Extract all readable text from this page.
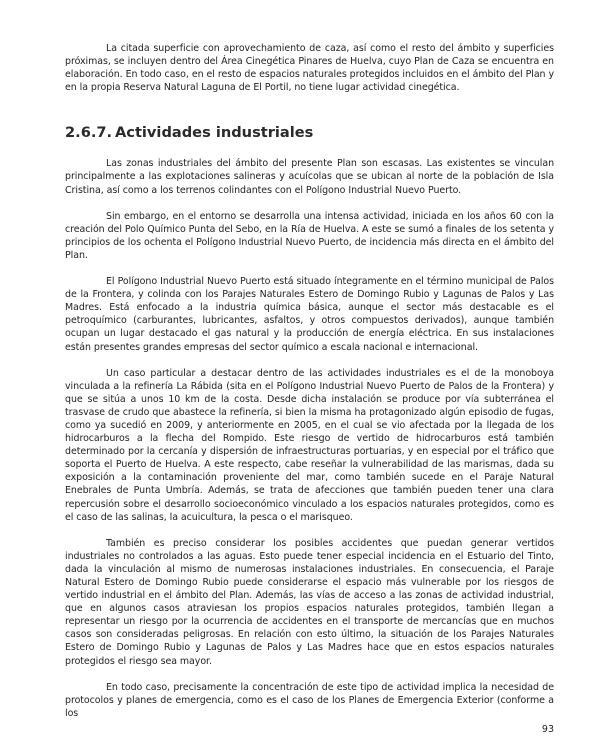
La citada superficie con aprovechamiento de caza, así como el resto del ámbito y superficies próximas, se incluyen dentro del Área Cinegética Pinares de Huelva, cuyo Plan de Caza se encuentra en elaboración. En todo caso, en el resto de espacios naturales protegidos incluidos en el ámbito del Plan y en la propia Reserva Natural Laguna de El Portil, no tiene lugar actividad cinegética.

2.6.7. Actividades industriales

Las zonas industriales del ámbito del presente Plan son escasas. Las existentes se vinculan principalmente a las explotaciones salineras y acuícolas que se ubican al norte de la población de Isla Cristina, así como a los terrenos colindantes con el Polígono Industrial Nuevo Puerto.

Sin embargo, en el entorno se desarrolla una intensa actividad, iniciada en los años 60 con la creación del Polo Químico Punta del Sebo, en la Ría de Huelva. A este se sumó a finales de los setenta y principios de los ochenta el Polígono Industrial Nuevo Puerto, de incidencia más directa en el ámbito del Plan.

El Polígono Industrial Nuevo Puerto está situado íntegramente en el término municipal de Palos de la Frontera, y colinda con los Parajes Naturales Estero de Domingo Rubio y Lagunas de Palos y Las Madres. Está enfocado a la industria química básica, aunque el sector más destacable es el petroquímico (carburantes, lubricantes, asfaltos, y otros compuestos derivados), aunque también ocupan un lugar destacado el gas natural y la producción de energía eléctrica. En sus instalaciones están presentes grandes empresas del sector químico a escala nacional e internacional.

Un caso particular a destacar dentro de las actividades industriales es el de la monoboya vinculada a la refinería La Rábida (sita en el Polígono Industrial Nuevo Puerto de Palos de la Frontera) y que se sitúa a unos 10 km de la costa. Desde dicha instalación se produce por vía subterránea el trasvase de crudo que abastece la refinería, si bien la misma ha protagonizado algún episodio de fugas, como ya sucedió en 2009, y anteriormente en 2005, en el cual se vio afectada por la llegada de los hidrocarburos a la flecha del Rompido. Este riesgo de vertido de hidrocarburos está también determinado por la cercanía y dispersión de infraestructuras portuarias, y en especial por el tráfico que soporta el Puerto de Huelva. A este respecto, cabe reseñar la vulnerabilidad de las marismas, dada su exposición a la contaminación proveniente del mar, como también sucede en el Paraje Natural Enebrales de Punta Umbría. Además, se trata de afecciones que también pueden tener una clara repercusión sobre el desarrollo socioeconómico vinculado a los espacios naturales protegidos, como es el caso de las salinas, la acuicultura, la pesca o el marisqueo.

También es preciso considerar los posibles accidentes que puedan generar vertidos industriales no controlados a las aguas. Esto puede tener especial incidencia en el Estuario del Tinto, dada la vinculación al mismo de numerosas instalaciones industriales. En consecuencia, el Paraje Natural Estero de Domingo Rubio puede considerarse el espacio más vulnerable por los riesgos de vertido industrial en el ámbito del Plan. Además, las vías de acceso a las zonas de actividad industrial, que en algunos casos atraviesan los propios espacios naturales protegidos, también llegan a representar un riesgo por la ocurrencia de accidentes en el transporte de mercancías que en muchos casos son consideradas peligrosas. En relación con esto último, la situación de los Parajes Naturales Estero de Domingo Rubio y Lagunas de Palos y Las Madres hace que en estos espacios naturales protegidos el riesgo sea mayor.

En todo caso, precisamente la concentración de este tipo de actividad implica la necesidad de protocolos y planes de emergencia, como es el caso de los Planes de Emergencia Exterior (conforme a los

93
